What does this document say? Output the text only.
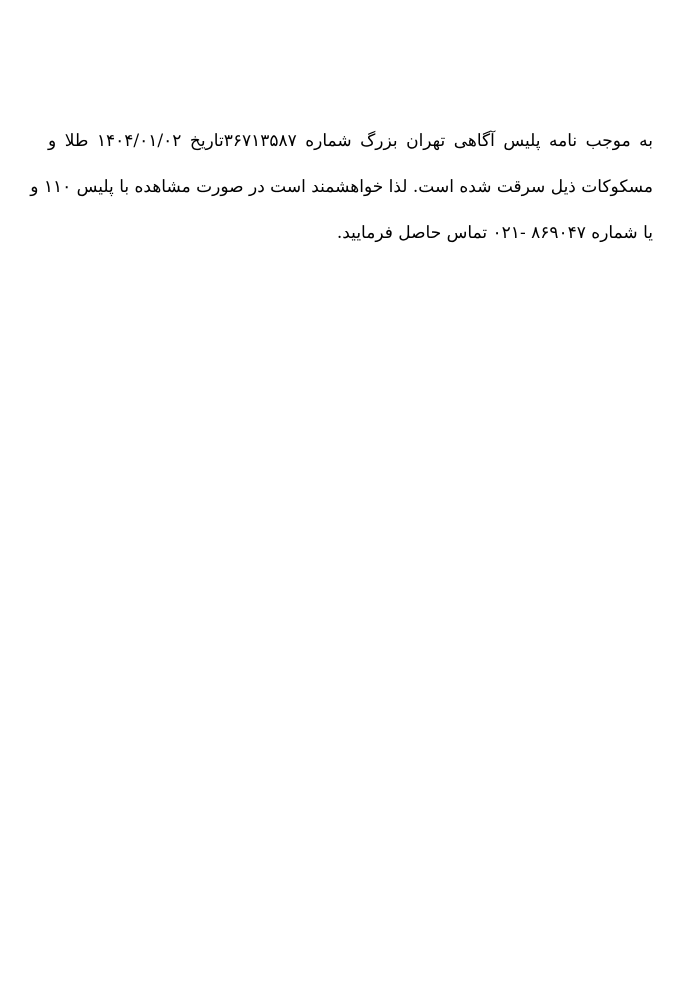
به موجب نامه پلیس آگاهی تهران بزرگ شماره ۳۶۷۱۳۵۸۷تاریخ ۱۴۰۴/۰۱/۰۲ طلا و
مسکوکات ذیل سرقت شده است. لذا خواهشمند است در صورت مشاهده با پلیس ۱۱۰ و
یا شماره ۸۶۹۰۴۷ -۰۲۱ تماس حاصل فرمایید.
